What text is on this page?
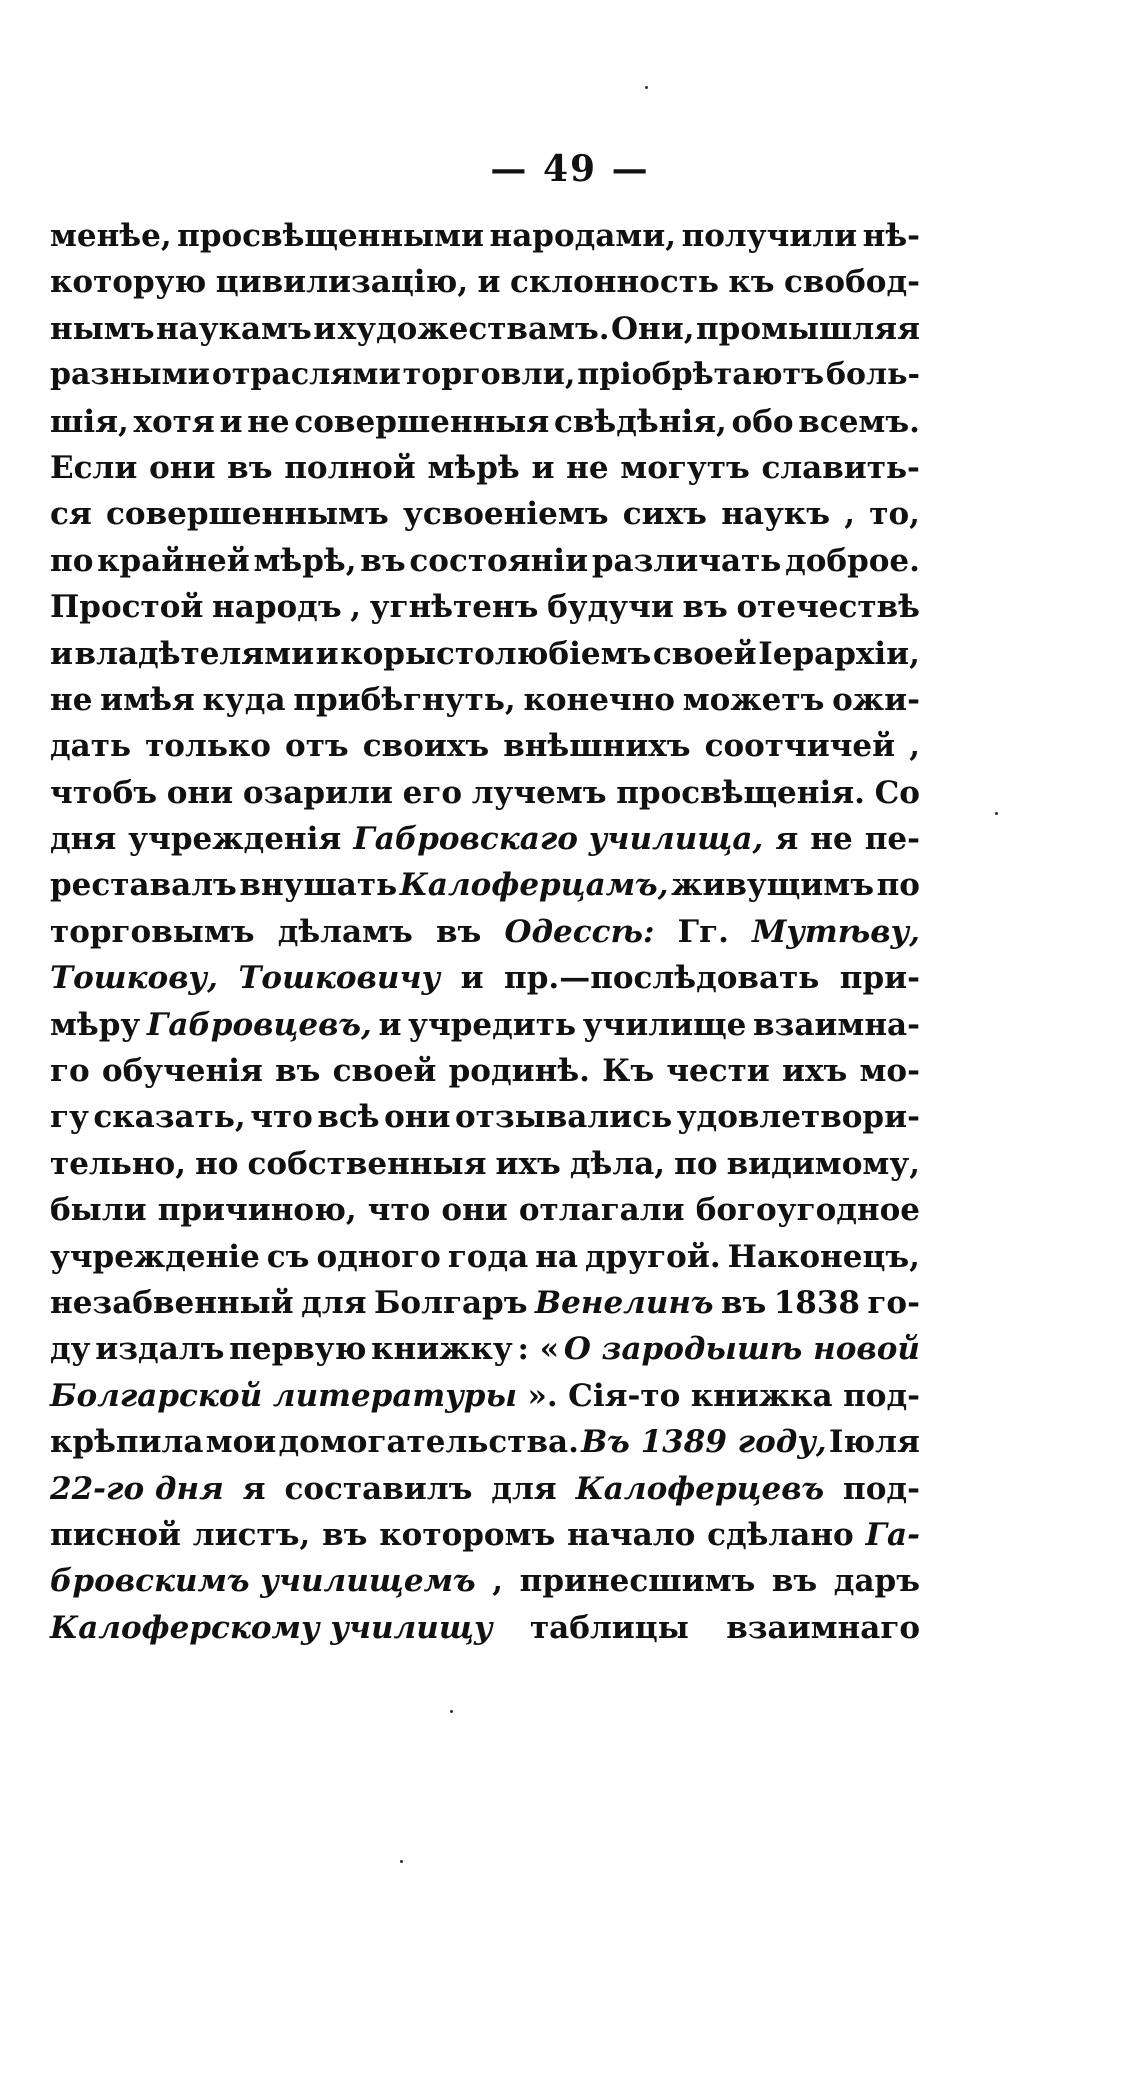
— 49 —
менѣе, просвѣщенными народами, получили нѣ-
которую цивилизацію, и склонность къ свобод-
нымъ наукамъ и художествамъ. Они, промышляя
разными отраслями торговли, пріобрѣтаютъ боль-
шія, хотя и не совершенныя свѣдѣнія, обо всемъ.
Если они въ полной мѣрѣ и не могутъ славить-
ся совершеннымъ усвоеніемъ сихъ наукъ , то,
по крайней мѣрѣ, въ состояніи различать доброе.
Простой народъ , угнѣтенъ будучи въ отечествѣ
и владѣтелями и корыстолюбіемъ своей Іерархіи,
не имѣя куда прибѣгнуть, конечно можетъ ожи-
дать только отъ своихъ внѣшнихъ соотчичей ,
чтобъ они озарили его лучемъ просвѣщенія. Со
дня учрежденія Габровскаго училища, я не пе-
реставалъ внушать Калоферцамъ, живущимъ по
торговымъ дѣламъ въ Одессѣ: Гг. Мутѣву,
Тошкову, Тошковичу и пр.—послѣдовать при-
мѣру Габровцевъ, и учредить училище взаимна-
го обученія въ своей родинѣ. Къ чести ихъ мо-
гу сказать, что всѣ они отзывались удовлетвори-
тельно, но собственныя ихъ дѣла, по видимому,
были причиною, что они отлагали богоугодное
учрежденіе съ одного года на другой. Наконецъ,
незабвенный для Болгаръ Венелинъ въ 1838 го-
ду издалъ первую книжку : « О зародышѣ новой
Болгарской литературы ». Сія-то книжка под-
крѣпила мои домогательства. Въ 1389 году, Іюля
22-го дня я составилъ для Калоферцевъ под-
писной листъ, въ которомъ начало сдѣлано Га-
бровскимъ училищемъ , принесшимъ въ даръ
Калоферскому училищу таблицы взаимнаго
